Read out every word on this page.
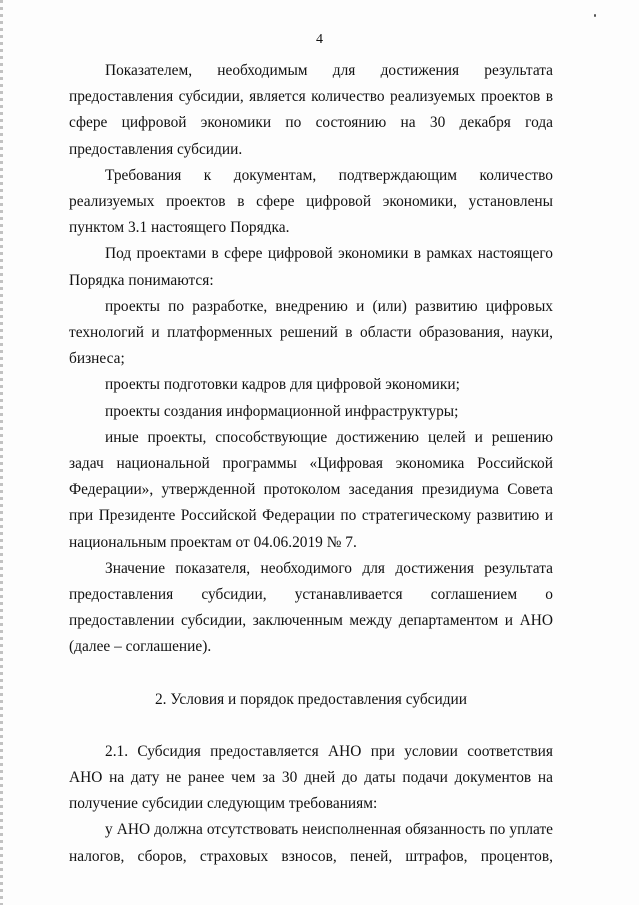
4

Показателем, необходимым для достижения результата предоставления субсидии, является количество реализуемых проектов в сфере цифровой экономики по состоянию на 30 декабря года предоставления субсидии.

Требования к документам, подтверждающим количество реализуемых проектов в сфере цифровой экономики, установлены пунктом 3.1 настоящего Порядка.

Под проектами в сфере цифровой экономики в рамках настоящего Порядка понимаются:

проекты по разработке, внедрению и (или) развитию цифровых технологий и платформенных решений в области образования, науки, бизнеса;

проекты подготовки кадров для цифровой экономики;

проекты создания информационной инфраструктуры;

иные проекты, способствующие достижению целей и решению задач национальной программы «Цифровая экономика Российской Федерации», утвержденной протоколом заседания президиума Совета при Президенте Российской Федерации по стратегическому развитию и национальным проектам от 04.06.2019 № 7.

Значение показателя, необходимого для достижения результата предоставления субсидии, устанавливается соглашением о предоставлении субсидии, заключенным между департаментом и АНО (далее – соглашение).

2. Условия и порядок предоставления субсидии

2.1. Субсидия предоставляется АНО при условии соответствия АНО на дату не ранее чем за 30 дней до даты подачи документов на получение субсидии следующим требованиям:

у АНО должна отсутствовать неисполненная обязанность по уплате налогов, сборов, страховых взносов, пеней, штрафов, процентов,
